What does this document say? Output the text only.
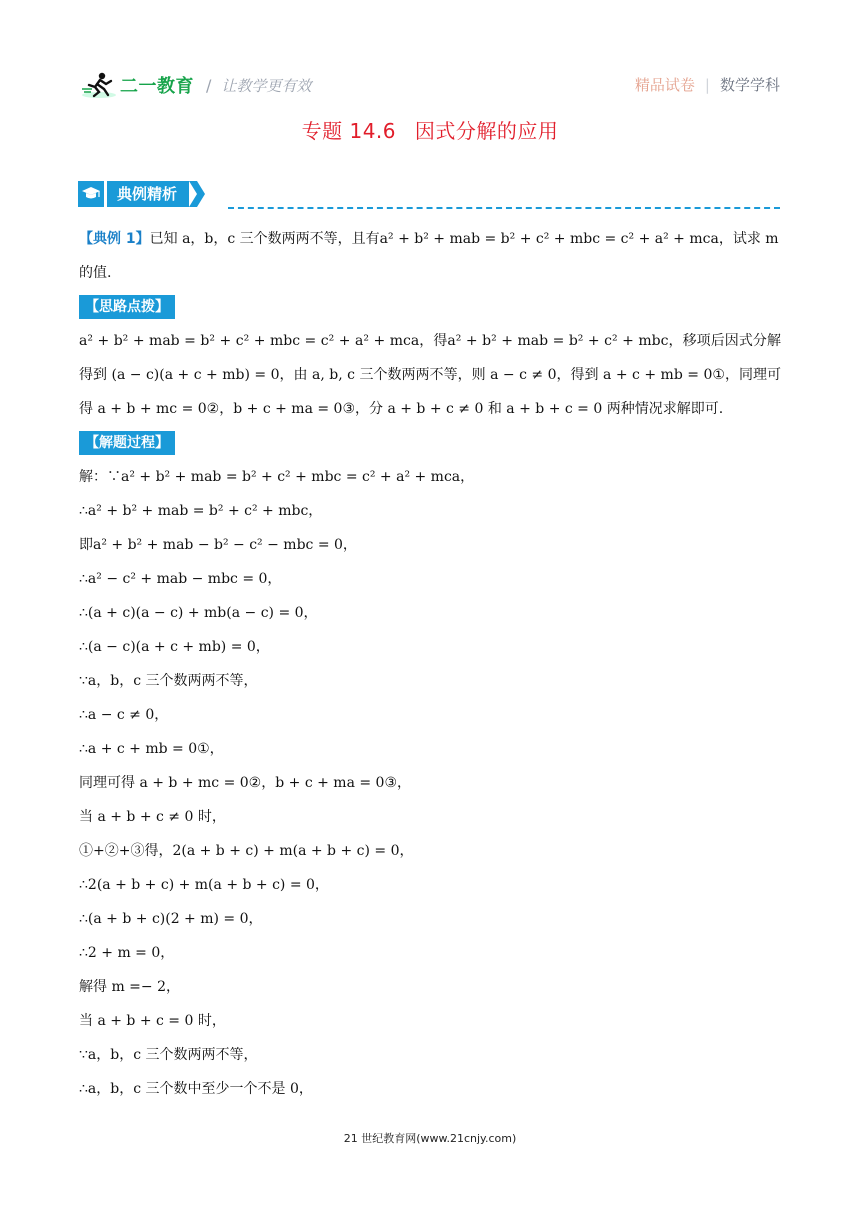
二一教育 / 让教学更有效	精品试卷 | 数学学科
专题 14.6 因式分解的应用
典例精析

【典例 1】已知 a，b，c 三个数两两不等，且有a² + b² + mab = b² + c² + mbc = c² + a² + mca，试求 m

的值.

【思路点拨】

a² + b² + mab = b² + c² + mbc = c² + a² + mca，得a² + b² + mab = b² + c² + mbc，移项后因式分解得到 (a − c)(a + c + mb) = 0，由 a, b, c 三个数两两不等，则 a − c ≠ 0，得到 a + c + mb = 0①，同理可得 a + b + mc = 0②，b + c + ma = 0③，分 a + b + c ≠ 0 和 a + b + c = 0 两种情况求解即可.

【解题过程】

解：∵a² + b² + mab = b² + c² + mbc = c² + a² + mca，

∴a² + b² + mab = b² + c² + mbc，

即a² + b² + mab − b² − c² − mbc = 0，

∴a² − c² + mab − mbc = 0，

∴(a + c)(a − c) + mb(a − c) = 0，

∴(a − c)(a + c + mb) = 0，

∵a，b，c 三个数两两不等，

∴a − c ≠ 0，

∴a + c + mb = 0①，

同理可得 a + b + mc = 0②，b + c + ma = 0③，

当 a + b + c ≠ 0 时，

①+②+③得，2(a + b + c) + m(a + b + c) = 0，

∴2(a + b + c) + m(a + b + c) = 0，

∴(a + b + c)(2 + m) = 0，

∴2 + m = 0，

解得 m =− 2，

当 a + b + c = 0 时，

∵a，b，c 三个数两两不等，

∴a，b，c 三个数中至少一个不是 0，

21 世纪教育网(www.21cnjy.com)
